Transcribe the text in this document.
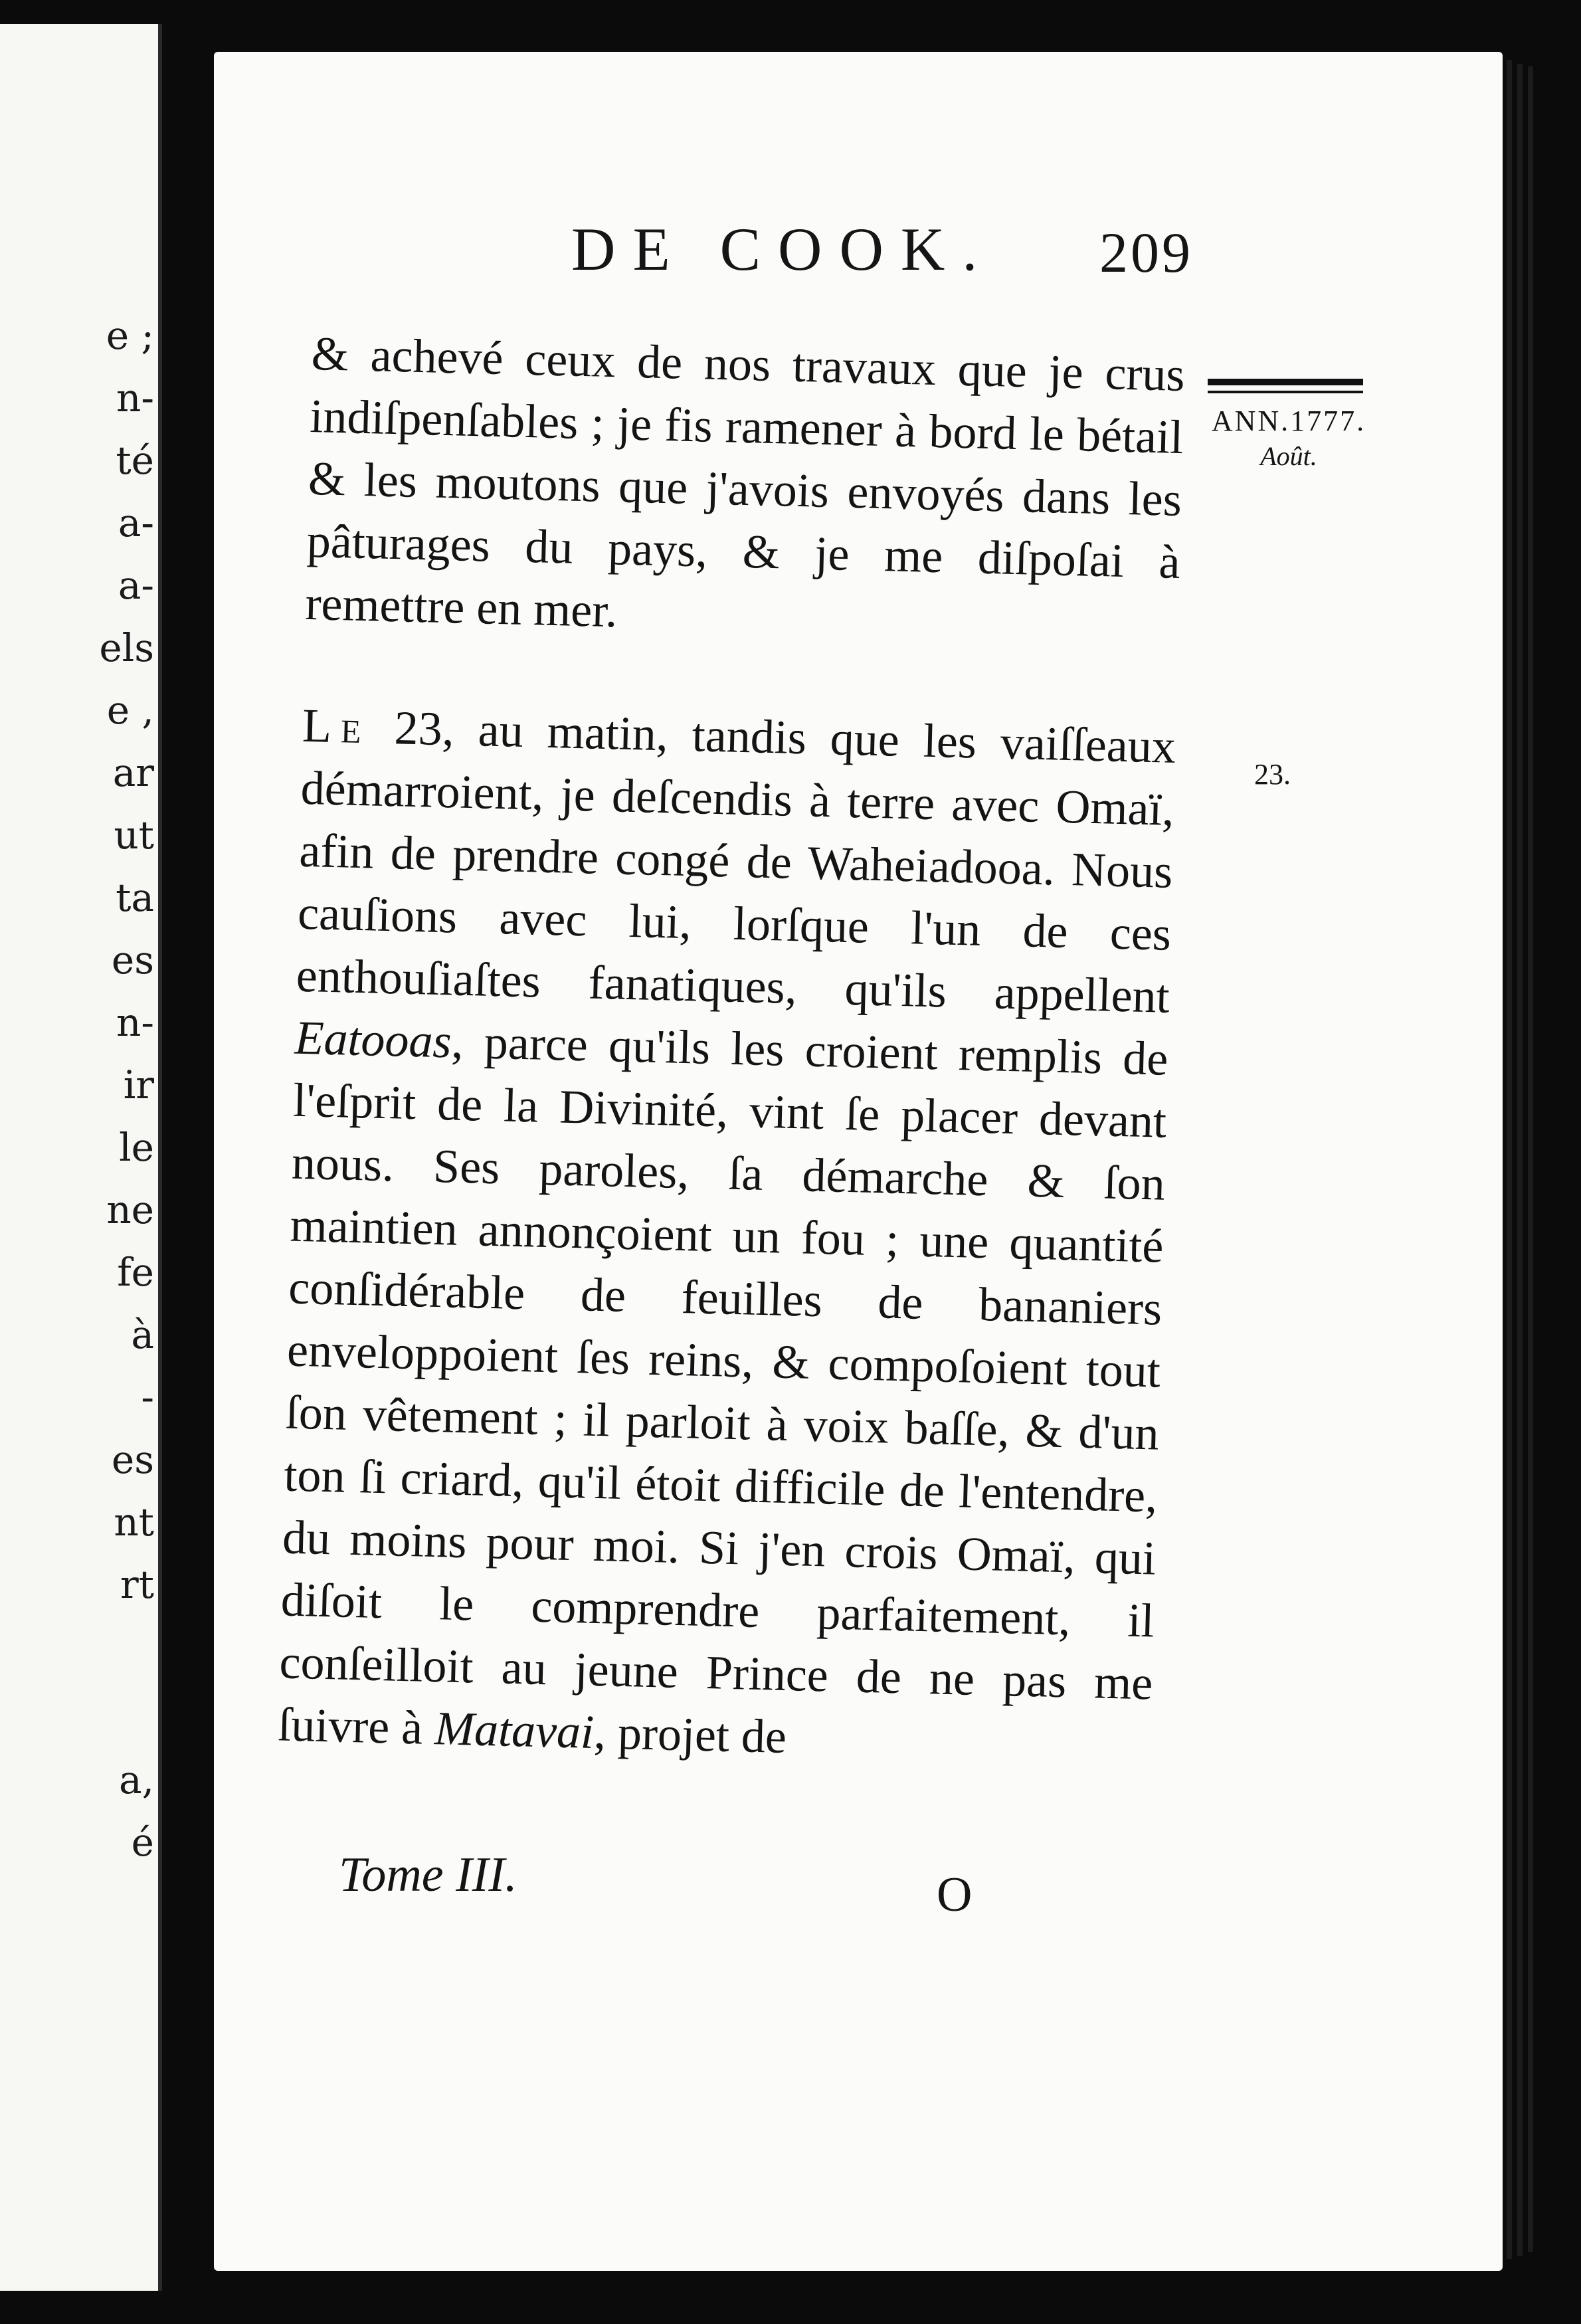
e ;
n-
té
a-
a-
els
e ,
ar
ut
ta
es
n-
ir
le
ne
fe
à
-
es
nt
rt
a,
é
DE COOK. 209

& achevé ceux de nos travaux que je crus indiſpenſables ; je fis ramener à bord le bétail & les moutons que j'avois envoyés dans les pâturages du pays, & je me diſpoſai à remettre en mer.

Le 23, au matin, tandis que les vaiſſeaux démarroient, je deſcendis à terre avec Omaï, afin de prendre congé de Waheiadooa. Nous cauſions avec lui, lorſque l'un de ces enthouſiaſtes fanatiques, qu'ils appellent Eatooas, parce qu'ils les croient remplis de l'eſprit de la Divinité, vint ſe placer devant nous. Ses paroles, ſa démarche & ſon maintien annonçoient un fou ; une quantité conſidérable de feuilles de bananiers enveloppoient ſes reins, & compoſoient tout ſon vêtement ; il parloit à voix baſſe, & d'un ton ſi criard, qu'il étoit difficile de l'entendre, du moins pour moi. Si j'en crois Omaï, qui diſoit le comprendre parfaitement, il conſeilloit au jeune Prince de ne pas me ſuivre à Matavai, projet de

Tome III.	O
ANN.1777.
Août.
23.
